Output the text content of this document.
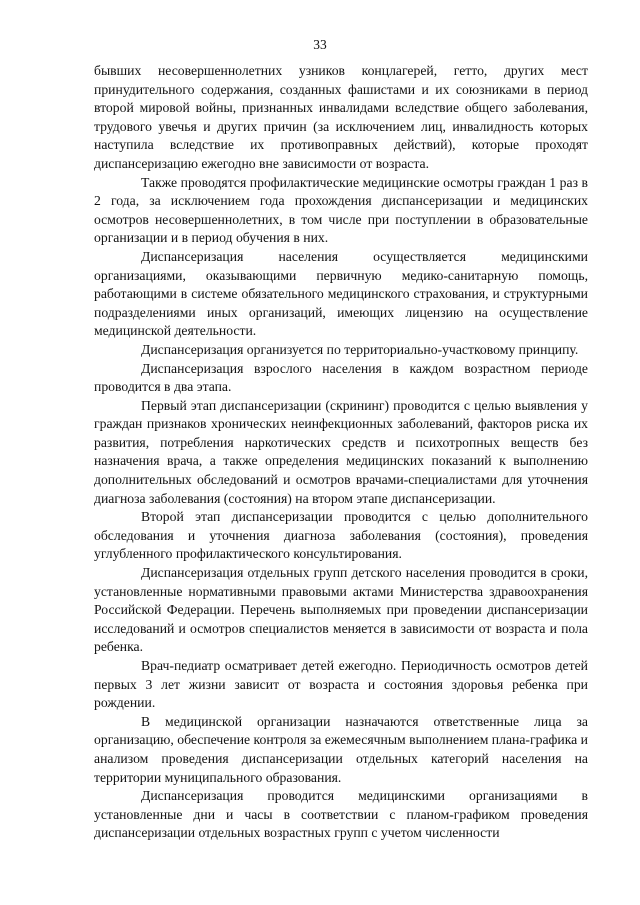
33

бывших несовершеннолетних узников концлагерей, гетто, других мест принудительного содержания, созданных фашистами и их союзниками в период второй мировой войны, признанных инвалидами вследствие общего заболевания, трудового увечья и других причин (за исключением лиц, инвалидность которых наступила вследствие их противоправных действий), которые проходят диспансеризацию ежегодно вне зависимости от возраста.

Также проводятся профилактические медицинские осмотры граждан 1 раз в 2 года, за исключением года прохождения диспансеризации и медицинских осмотров несовершеннолетних, в том числе при поступлении в образовательные организации и в период обучения в них.

Диспансеризация населения осуществляется медицинскими организациями, оказывающими первичную медико-санитарную помощь, работающими в системе обязательного медицинского страхования, и структурными подразделениями иных организаций, имеющих лицензию на осуществление медицинской деятельности.

Диспансеризация организуется по территориально-участковому принципу.

Диспансеризация взрослого населения в каждом возрастном периоде проводится в два этапа.

Первый этап диспансеризации (скрининг) проводится с целью выявления у граждан признаков хронических неинфекционных заболеваний, факторов риска их развития, потребления наркотических средств и психотропных веществ без назначения врача, а также определения медицинских показаний к выполнению дополнительных обследований и осмотров врачами-специалистами для уточнения диагноза заболевания (состояния) на втором этапе диспансеризации.

Второй этап диспансеризации проводится с целью дополнительного обследования и уточнения диагноза заболевания (состояния), проведения углубленного профилактического консультирования.

Диспансеризация отдельных групп детского населения проводится в сроки, установленные нормативными правовыми актами Министерства здравоохранения Российской Федерации. Перечень выполняемых при проведении диспансеризации исследований и осмотров специалистов меняется в зависимости от возраста и пола ребенка.

Врач-педиатр осматривает детей ежегодно. Периодичность осмотров детей первых 3 лет жизни зависит от возраста и состояния здоровья ребенка при рождении.

В медицинской организации назначаются ответственные лица за организацию, обеспечение контроля за ежемесячным выполнением плана-графика и анализом проведения диспансеризации отдельных категорий населения на территории муниципального образования.

Диспансеризация проводится медицинскими организациями в установленные дни и часы в соответствии с планом-графиком проведения диспансеризации отдельных возрастных групп с учетом численности
